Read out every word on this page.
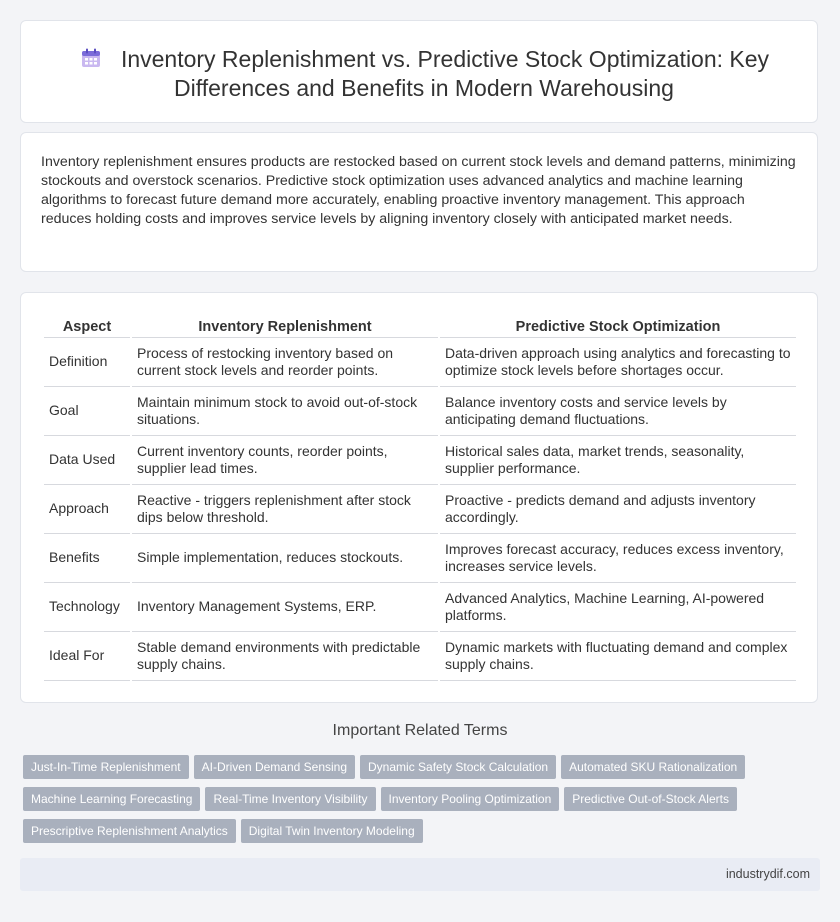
Inventory Replenishment vs. Predictive Stock Optimization: Key Differences and Benefits in Modern Warehousing

Inventory replenishment ensures products are restocked based on current stock levels and demand patterns, minimizing stockouts and overstock scenarios. Predictive stock optimization uses advanced analytics and machine learning algorithms to forecast future demand more accurately, enabling proactive inventory management. This approach reduces holding costs and improves service levels by aligning inventory closely with anticipated market needs.

Aspect	Inventory Replenishment	Predictive Stock Optimization
Definition	Process of restocking inventory based on current stock levels and reorder points.	Data-driven approach using analytics and forecasting to optimize stock levels before shortages occur.
Goal	Maintain minimum stock to avoid out-of-stock situations.	Balance inventory costs and service levels by anticipating demand fluctuations.
Data Used	Current inventory counts, reorder points, supplier lead times.	Historical sales data, market trends, seasonality, supplier performance.
Approach	Reactive - triggers replenishment after stock dips below threshold.	Proactive - predicts demand and adjusts inventory accordingly.
Benefits	Simple implementation, reduces stockouts.	Improves forecast accuracy, reduces excess inventory, increases service levels.
Technology	Inventory Management Systems, ERP.	Advanced Analytics, Machine Learning, AI-powered platforms.
Ideal For	Stable demand environments with predictable supply chains.	Dynamic markets with fluctuating demand and complex supply chains.
Important Related Terms
Just-In-Time Replenishment AI-Driven Demand Sensing Dynamic Safety Stock Calculation Automated SKU Rationalization
Machine Learning Forecasting Real-Time Inventory Visibility Inventory Pooling Optimization Predictive Out-of-Stock Alerts
Prescriptive Replenishment Analytics Digital Twin Inventory Modeling
industrydif.com
